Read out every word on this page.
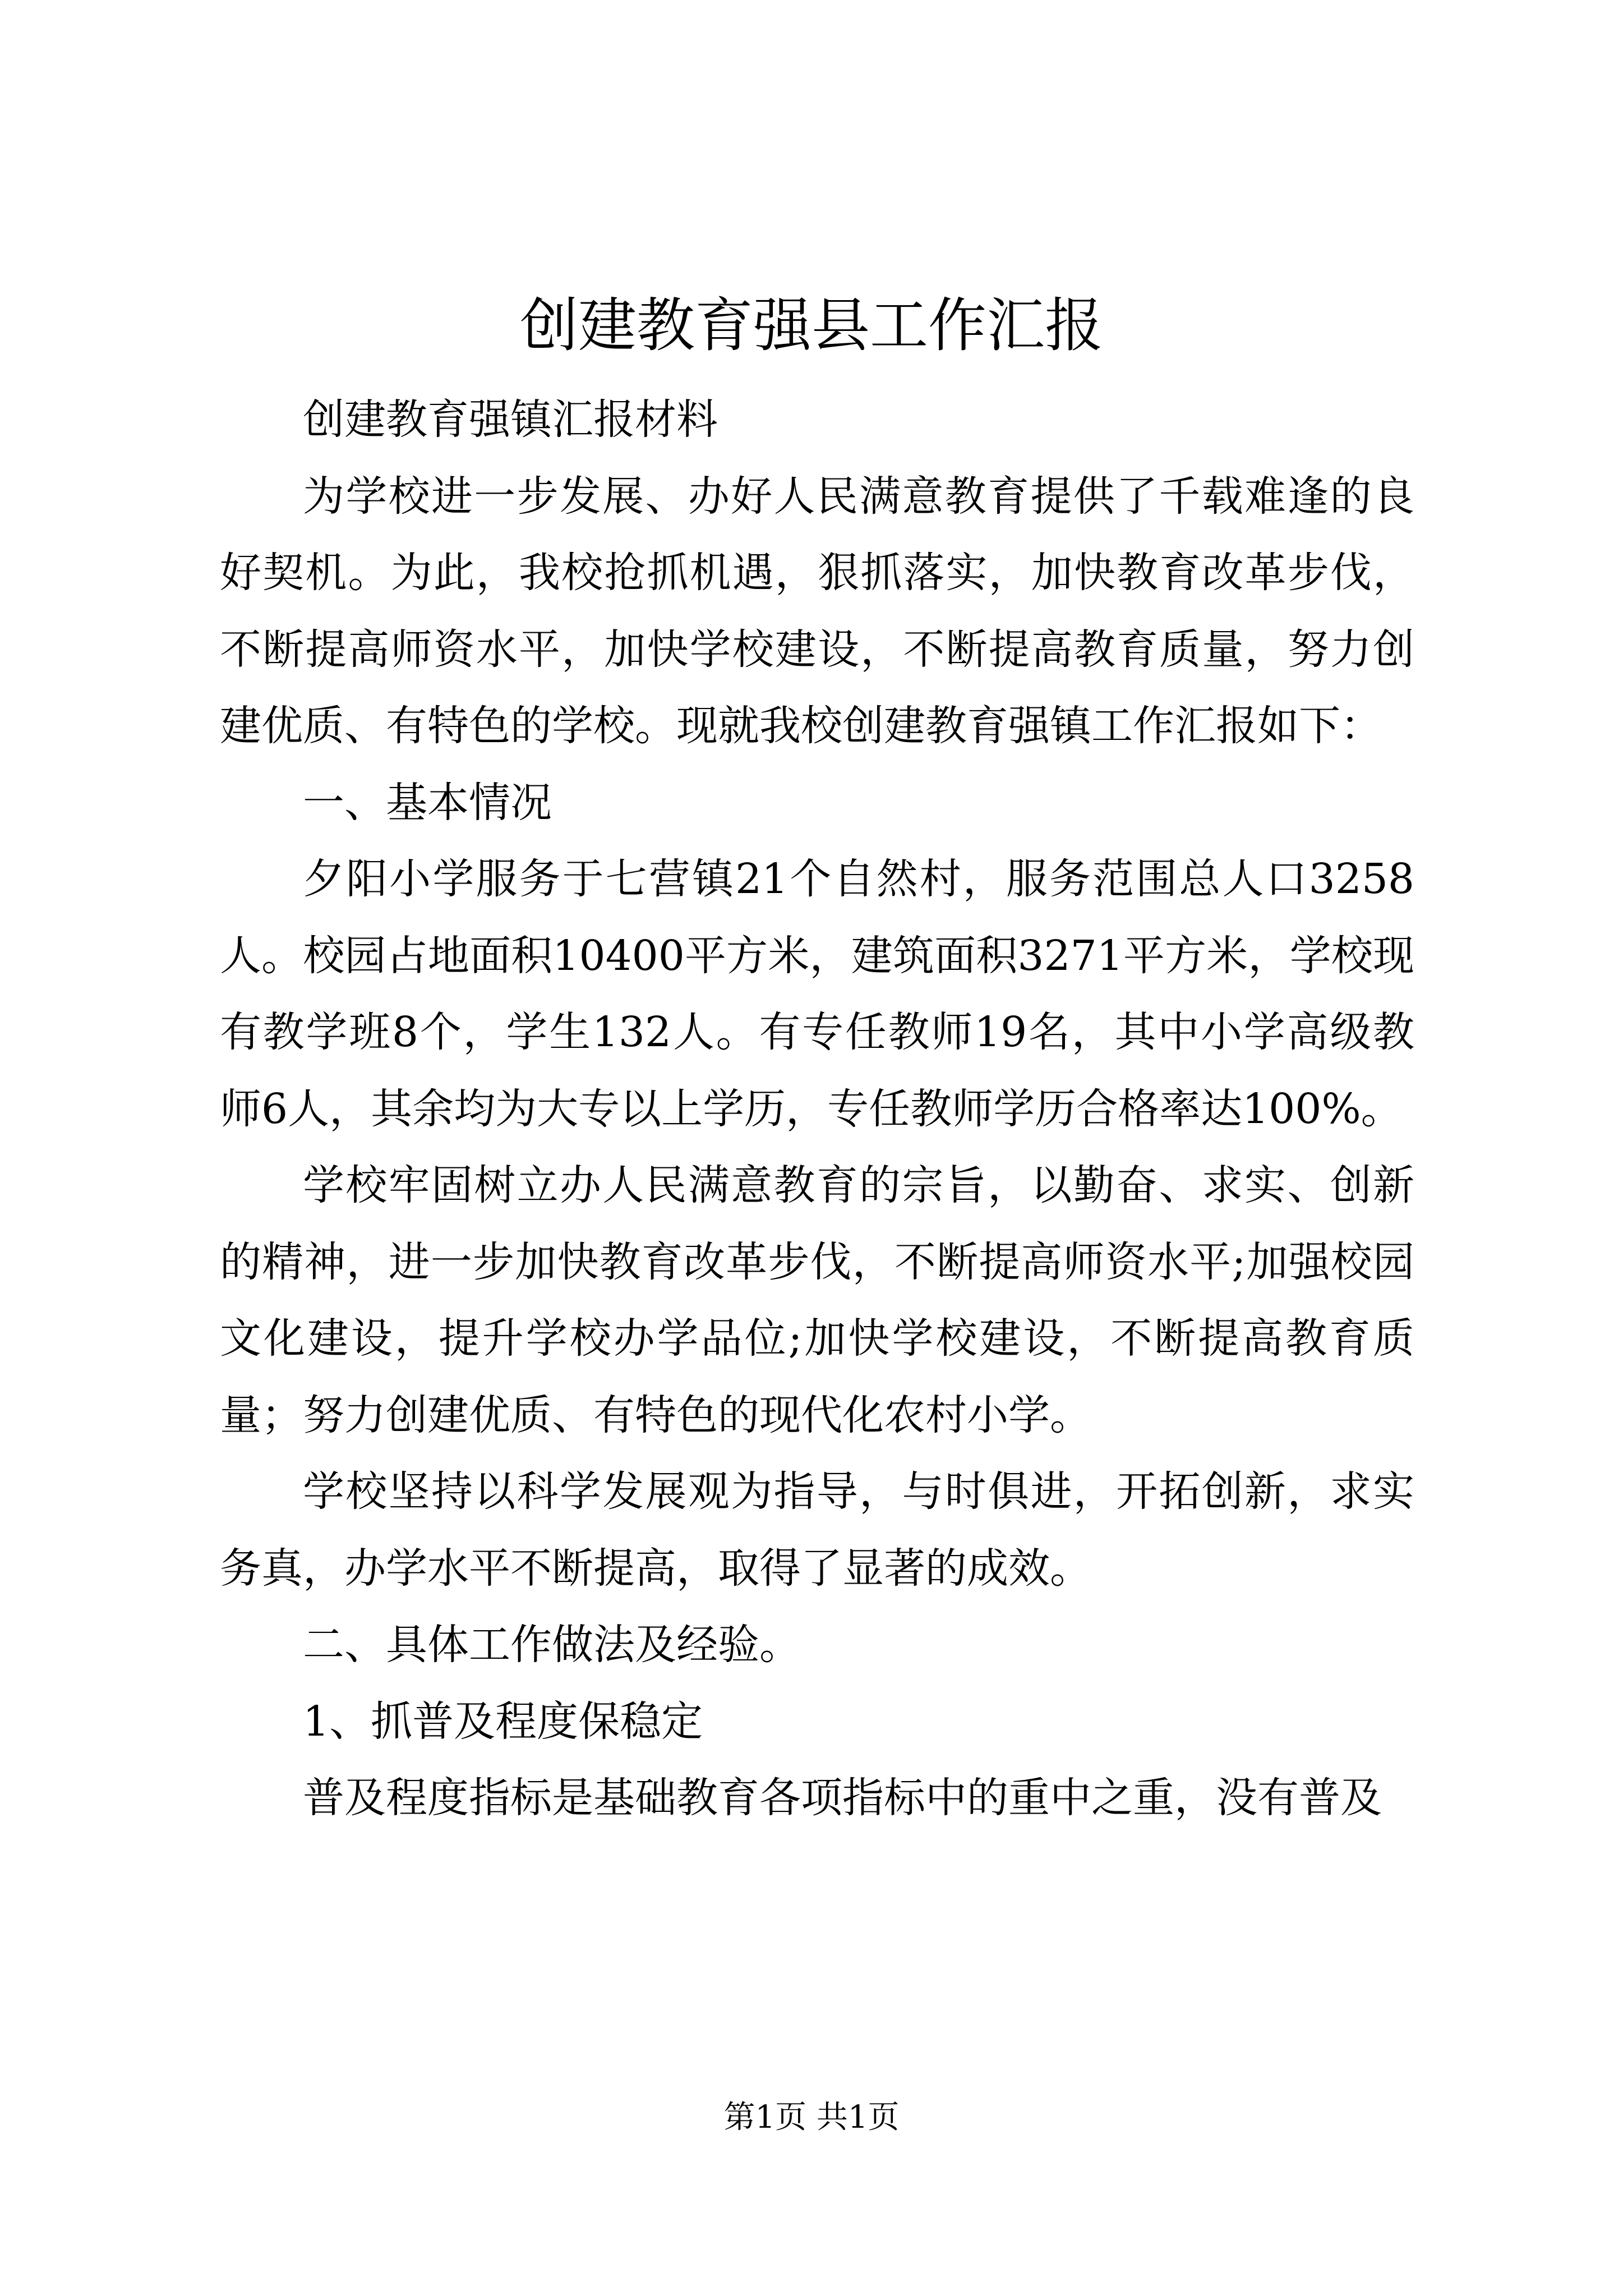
创建教育强县工作汇报

创建教育强镇汇报材料

为学校进一步发展、办好人民满意教育提供了千载难逢的良好契机。为此，我校抢抓机遇，狠抓落实，加快教育改革步伐，不断提高师资水平，加快学校建设，不断提高教育质量，努力创建优质、有特色的学校。现就我校创建教育强镇工作汇报如下：

一、基本情况

夕阳小学服务于七营镇21个自然村，服务范围总人口3258人。校园占地面积10400平方米，建筑面积3271平方米，学校现有教学班8个，学生132人。有专任教师19名，其中小学高级教师6人，其余均为大专以上学历，专任教师学历合格率达100%。

学校牢固树立办人民满意教育的宗旨，以勤奋、求实、创新的精神，进一步加快教育改革步伐，不断提高师资水平;加强校园文化建设，提升学校办学品位;加快学校建设，不断提高教育质量；努力创建优质、有特色的现代化农村小学。

学校坚持以科学发展观为指导，与时俱进，开拓创新，求实务真，办学水平不断提高，取得了显著的成效。

二、具体工作做法及经验。

1、抓普及程度保稳定

普及程度指标是基础教育各项指标中的重中之重，没有普及

第1页 共1页
